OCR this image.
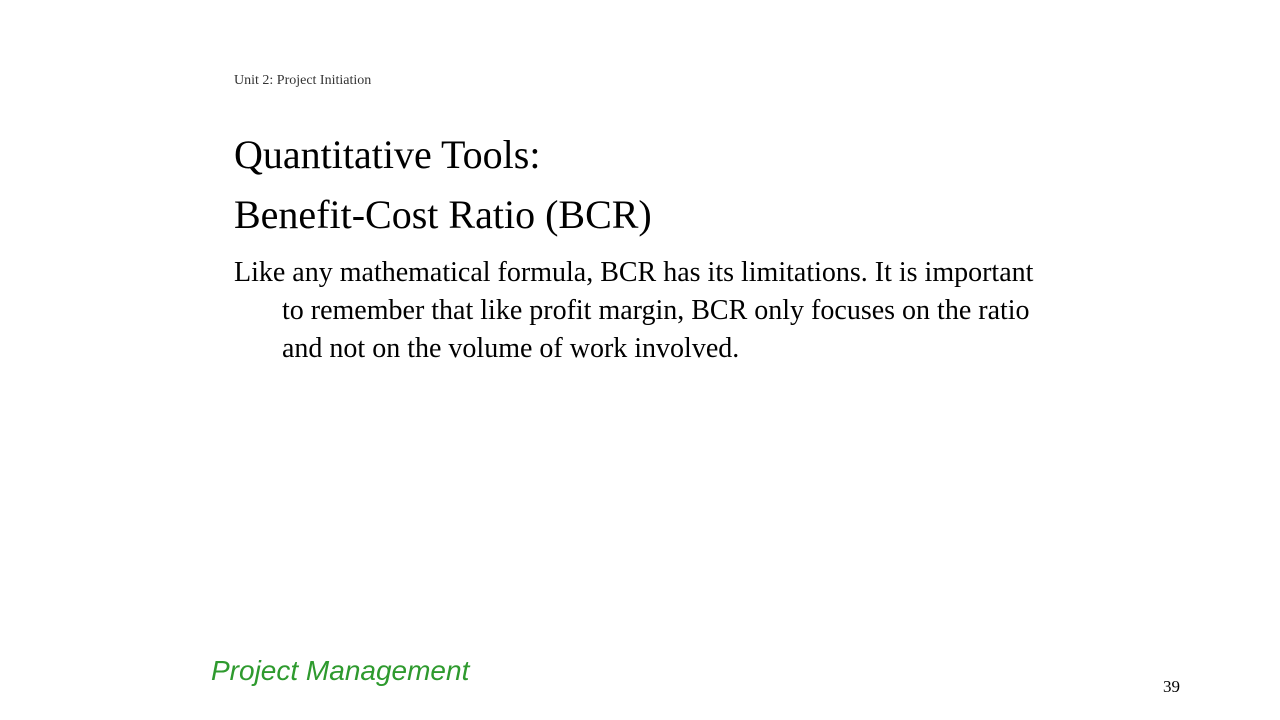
Unit 2: Project Initiation
Quantitative Tools:
Benefit-Cost Ratio (BCR)
Like any mathematical formula, BCR has its limitations. It is important to remember that like profit margin, BCR only focuses on the ratio and not on the volume of work involved.
Project Management
39
